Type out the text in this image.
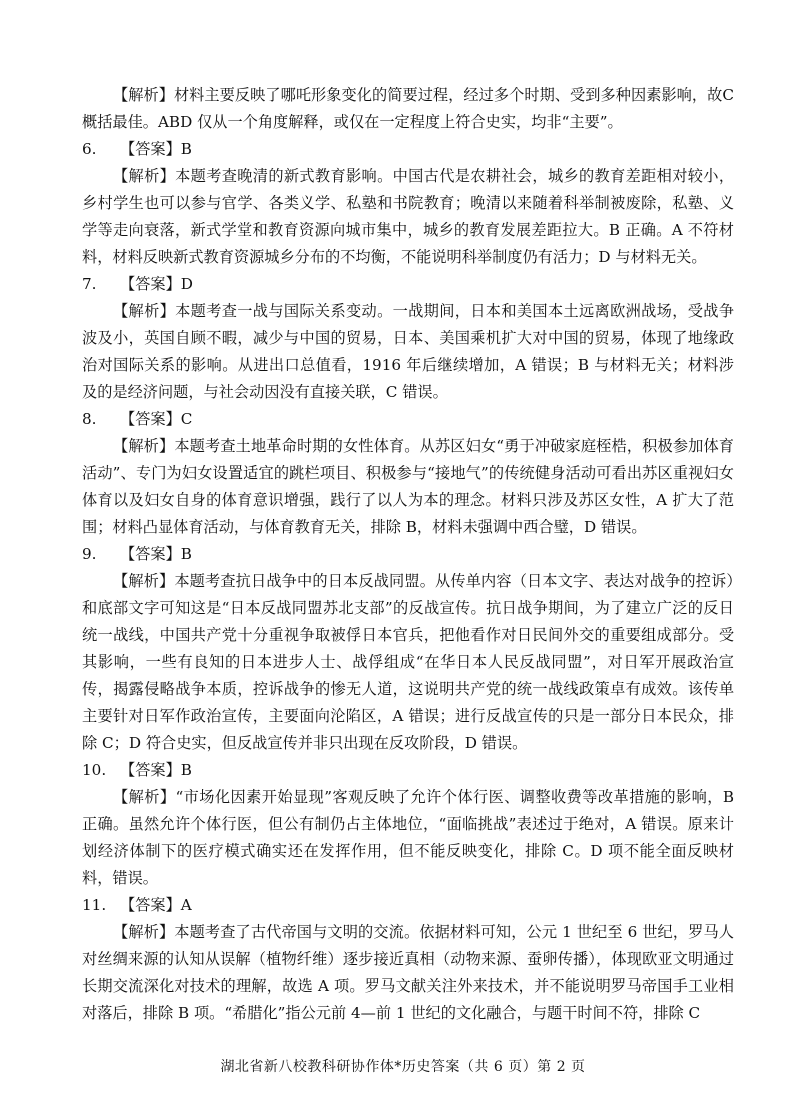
【解析】材料主要反映了哪吒形象变化的简要过程，经过多个时期、受到多种因素影响，故C 概括最佳。ABD 仅从一个角度解释，或仅在一定程度上符合史实，均非“主要”。

6. 【答案】B

【解析】本题考查晚清的新式教育影响。中国古代是农耕社会，城乡的教育差距相对较小，乡村学生也可以参与官学、各类义学、私塾和书院教育；晚清以来随着科举制被废除，私塾、义学等走向衰落，新式学堂和教育资源向城市集中，城乡的教育发展差距拉大。B 正确。A 不符材料，材料反映新式教育资源城乡分布的不均衡，不能说明科举制度仍有活力；D 与材料无关。

7. 【答案】D

【解析】本题考查一战与国际关系变动。一战期间，日本和美国本土远离欧洲战场，受战争波及小，英国自顾不暇，减少与中国的贸易，日本、美国乘机扩大对中国的贸易，体现了地缘政治对国际关系的影响。从进出口总值看，1916 年后继续增加，A 错误；B 与材料无关；材料涉及的是经济问题，与社会动因没有直接关联，C 错误。

8. 【答案】C

【解析】本题考查土地革命时期的女性体育。从苏区妇女“勇于冲破家庭桎梏，积极参加体育活动”、专门为妇女设置适宜的跳栏项目、积极参与“接地气”的传统健身活动可看出苏区重视妇女体育以及妇女自身的体育意识增强，践行了以人为本的理念。材料只涉及苏区女性，A 扩大了范围；材料凸显体育活动，与体育教育无关，排除 B，材料未强调中西合璧，D 错误。

9. 【答案】B

【解析】本题考查抗日战争中的日本反战同盟。从传单内容（日本文字、表达对战争的控诉）和底部文字可知这是“日本反战同盟苏北支部”的反战宣传。抗日战争期间，为了建立广泛的反日统一战线，中国共产党十分重视争取被俘日本官兵，把他看作对日民间外交的重要组成部分。受其影响，一些有良知的日本进步人士、战俘组成“在华日本人民反战同盟”，对日军开展政治宣传，揭露侵略战争本质，控诉战争的惨无人道，这说明共产党的统一战线政策卓有成效。该传单主要针对日军作政治宣传，主要面向沦陷区，A 错误；进行反战宣传的只是一部分日本民众，排除 C；D 符合史实，但反战宣传并非只出现在反攻阶段，D 错误。

10. 【答案】B

【解析】“市场化因素开始显现”客观反映了允许个体行医、调整收费等改革措施的影响，B 正确。虽然允许个体行医，但公有制仍占主体地位，“面临挑战”表述过于绝对，A 错误。原来计划经济体制下的医疗模式确实还在发挥作用，但不能反映变化，排除 C。D 项不能全面反映材料，错误。

11. 【答案】A

【解析】本题考查了古代帝国与文明的交流。依据材料可知，公元 1 世纪至 6 世纪，罗马人对丝绸来源的认知从误解（植物纤维）逐步接近真相（动物来源、蚕卵传播），体现欧亚文明通过长期交流深化对技术的理解，故选 A 项。罗马文献关注外来技术，并不能说明罗马帝国手工业相对落后，排除 B 项。“希腊化”指公元前 4—前 1 世纪的文化融合，与题干时间不符，排除 C

湖北省新八校教科研协作体*历史答案（共 6 页）第 2 页
